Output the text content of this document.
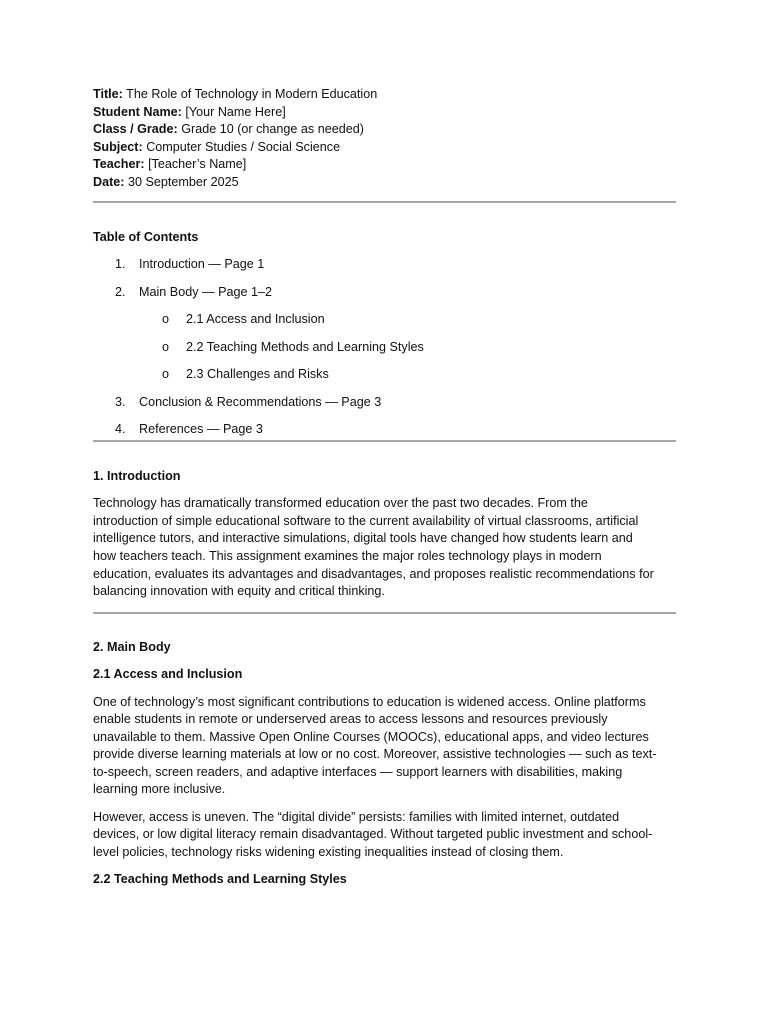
Title: The Role of Technology in Modern Education

Student Name: [Your Name Here]

Class / Grade: Grade 10 (or change as needed)

Subject: Computer Studies / Social Science

Teacher: [Teacher’s Name]

Date: 30 September 2025

Table of Contents

1. Introduction — Page 1
2. Main Body — Page 1–2
o 2.1 Access and Inclusion
o 2.2 Teaching Methods and Learning Styles
o 2.3 Challenges and Risks
3. Conclusion & Recommendations — Page 3
4. References — Page 3

1. Introduction

Technology has dramatically transformed education over the past two decades. From the
introduction of simple educational software to the current availability of virtual classrooms, artificial
intelligence tutors, and interactive simulations, digital tools have changed how students learn and
how teachers teach. This assignment examines the major roles technology plays in modern
education, evaluates its advantages and disadvantages, and proposes realistic recommendations for
balancing innovation with equity and critical thinking.

2. Main Body

2.1 Access and Inclusion

One of technology’s most significant contributions to education is widened access. Online platforms
enable students in remote or underserved areas to access lessons and resources previously
unavailable to them. Massive Open Online Courses (MOOCs), educational apps, and video lectures
provide diverse learning materials at low or no cost. Moreover, assistive technologies — such as text-
to-speech, screen readers, and adaptive interfaces — support learners with disabilities, making
learning more inclusive.
However, access is uneven. The “digital divide” persists: families with limited internet, outdated
devices, or low digital literacy remain disadvantaged. Without targeted public investment and school-
level policies, technology risks widening existing inequalities instead of closing them.

2.2 Teaching Methods and Learning Styles
